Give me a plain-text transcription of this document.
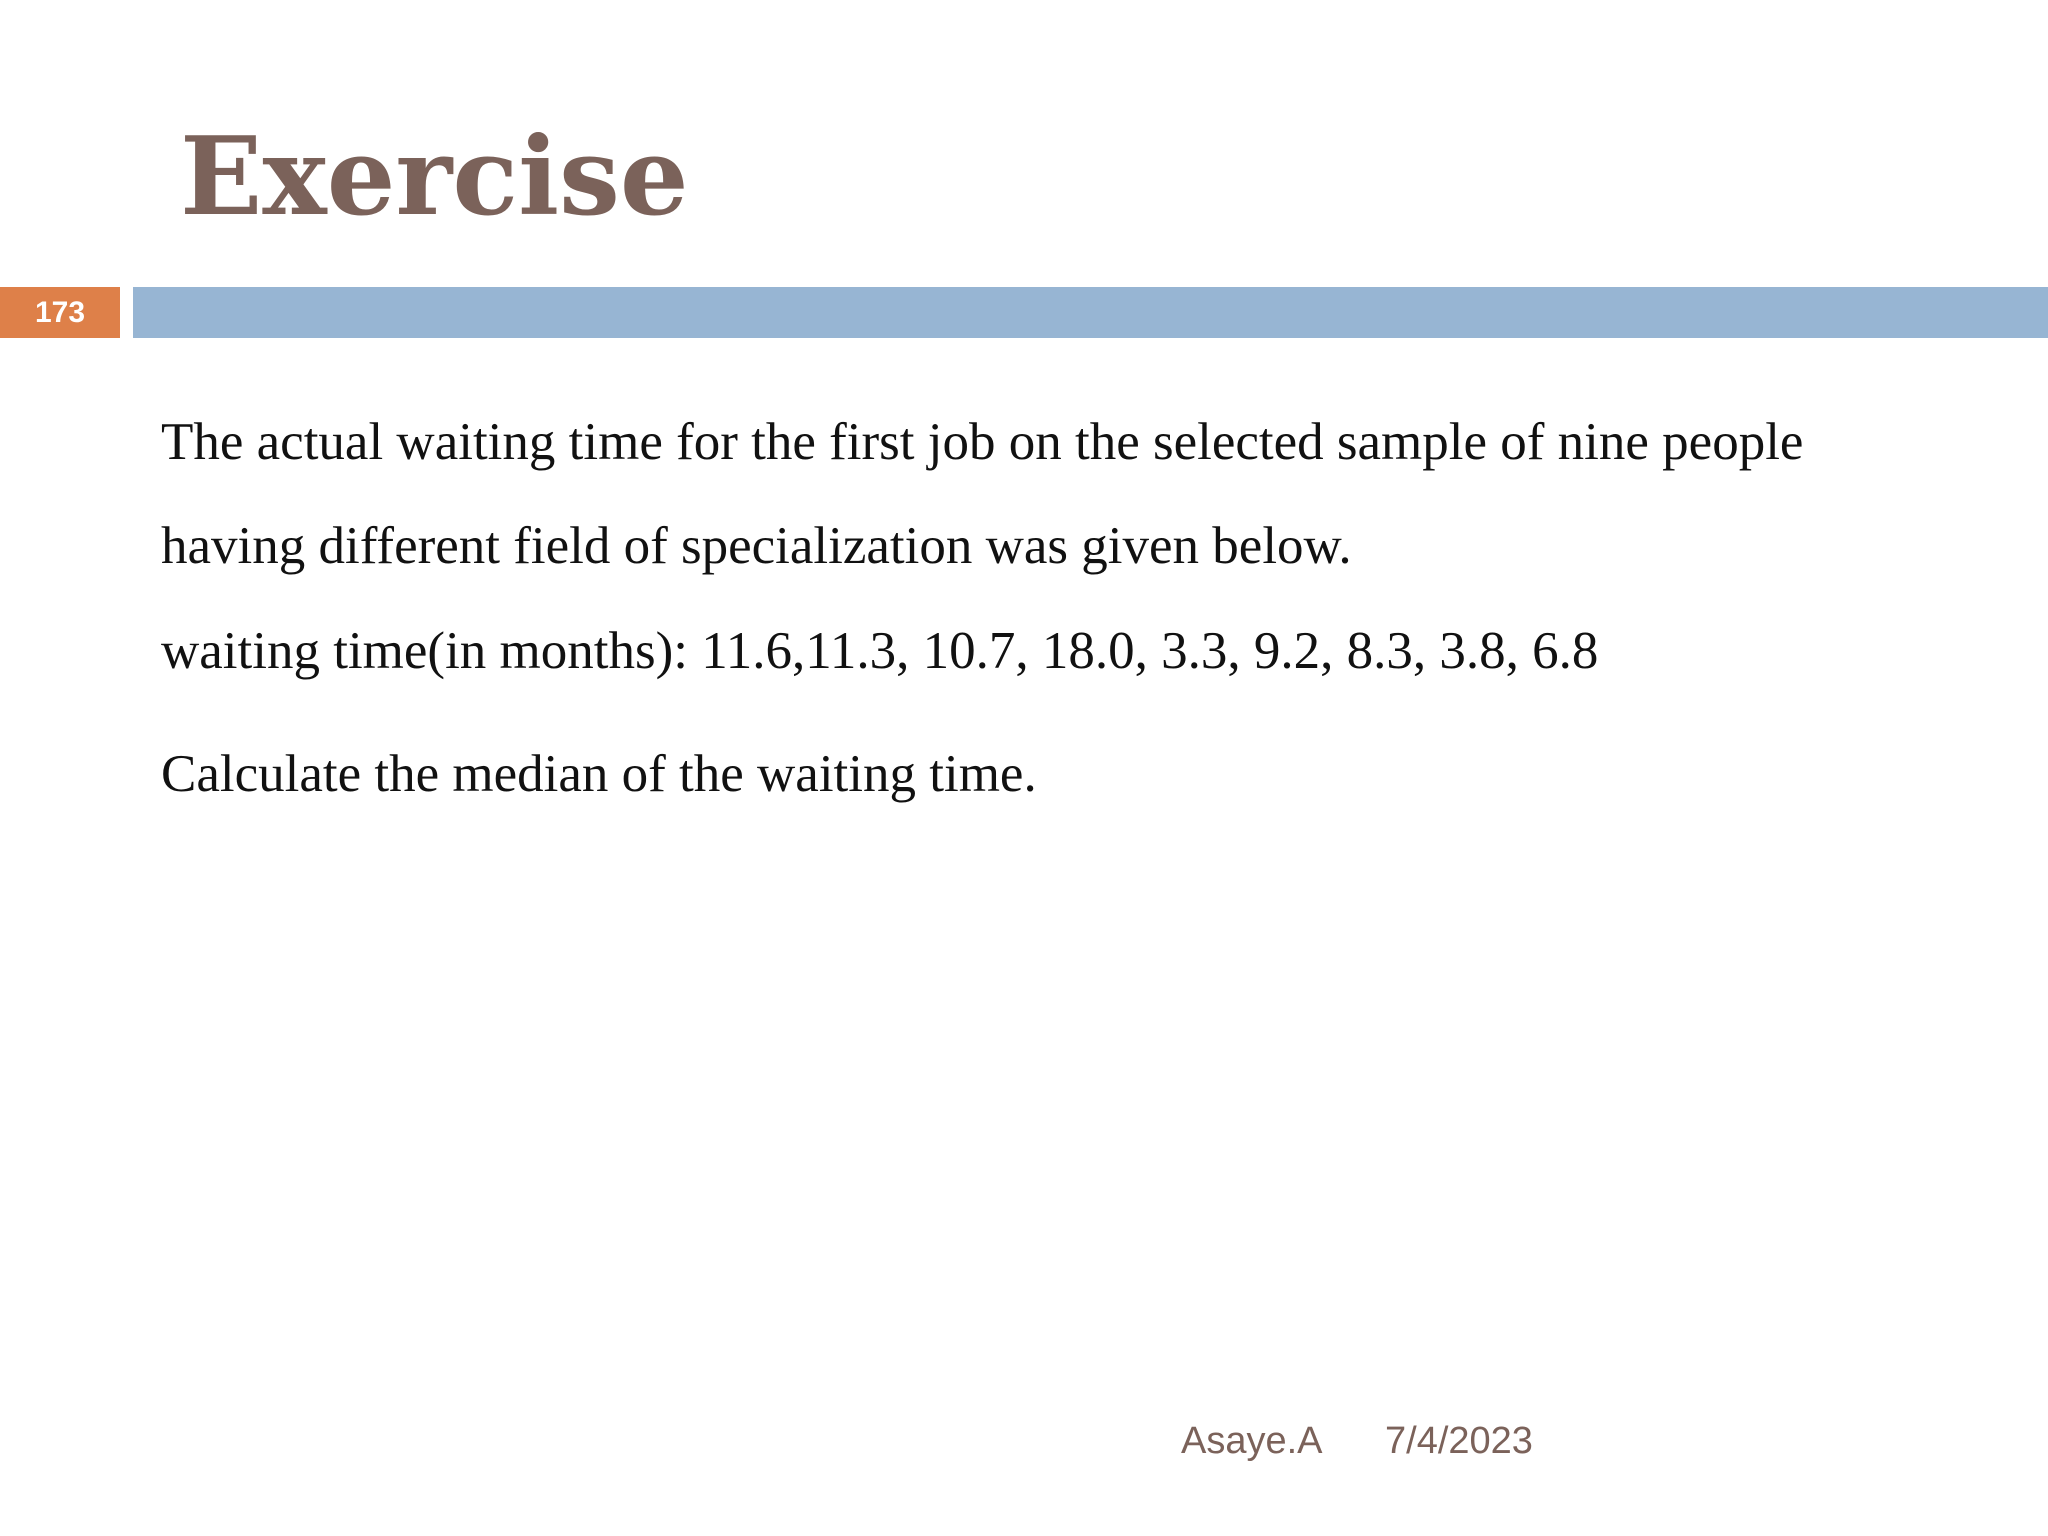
Exercise
173
The actual waiting time for the first job on the selected sample of nine people
having different field of specialization was given below.
waiting time(in months): 11.6,11.3, 10.7, 18.0, 3.3, 9.2, 8.3, 3.8, 6.8
Calculate the median of the waiting time.
Asaye.A 7/4/2023
